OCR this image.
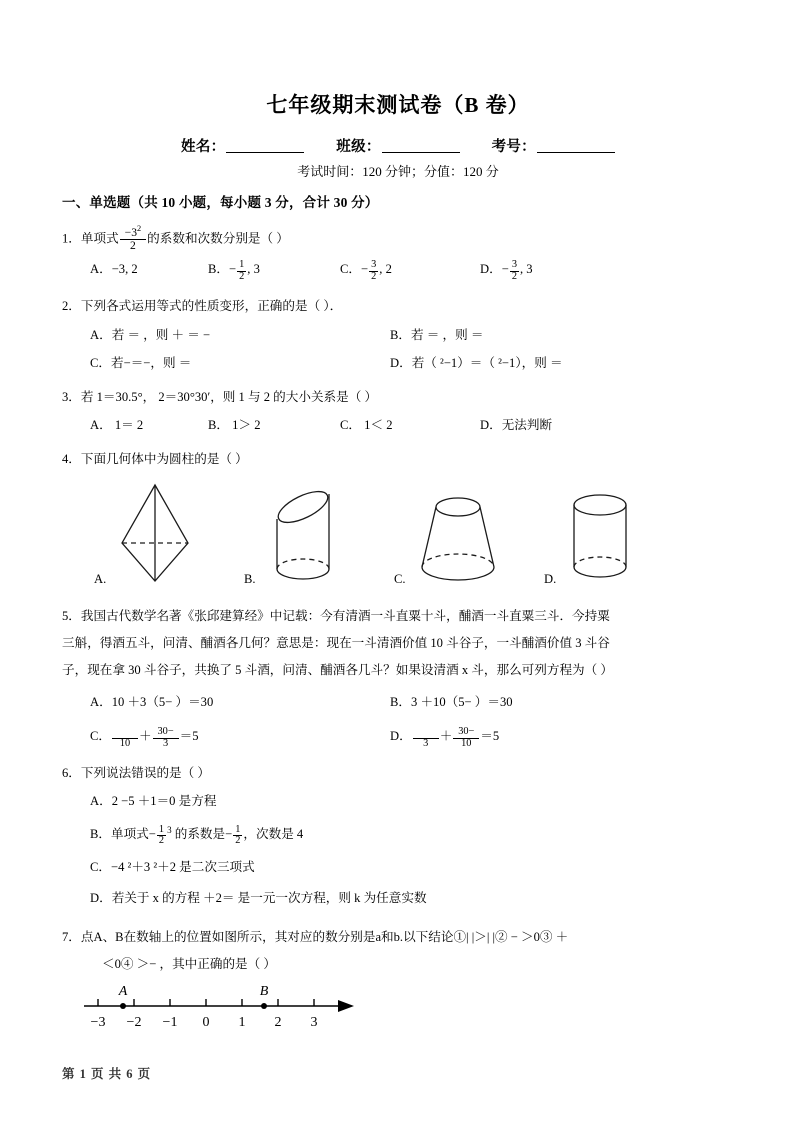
七年级期末测试卷（B 卷）
姓名：	班级：	考号：
考试时间：120 分钟；分值：120 分
一、单选题（共 10 小题，每小题 3 分，合计 30 分）
1．单项式 $\frac{-3^2}{2}$ 的系数和次数分别是（ ）
A．−3, 2	B．− $\frac{1}{2}$ , 3	C．− $\frac{3}{2}$ , 2	D．− $\frac{3}{2}$ , 3
2．下列各式运用等式的性质变形，正确的是（ ）．
A．若 ＝ ，则 ＋ ＝ −	B．若 ＝ ，则 ＝
C．若−＝−，则 ＝	D．若（ ²−1）＝（ ²−1），则 ＝
3．若 1＝30.5°， 2＝30°30′，则 1 与 2 的大小关系是（ ）
A． 1＝ 2	B． 1＞ 2	C． 1＜ 2	D．无法判断
4．下面几何体中为圆柱的是（ ）
A.	B.	C.	D.
5．我国古代数学名著《张邱建算经》中记载：今有清酒一斗直粟十斗，酺酒一斗直粟三斗．今持粟
三斛，得酒五斗，问清、酺酒各几何？意思是：现在一斗清酒价值 10 斗谷子，一斗酺酒价值 3 斗谷
子，现在拿 30 斗谷子，共换了 5 斗酒，问清、酺酒各几斗？如果设清酒 x 斗，那么可列方程为（ ）
A．10 ＋3（5− ）＝30	B．3 ＋10（5− ）＝30
C．

10
＋ $\frac{30-}{3} =5$	D．

3
＋ $\frac{30-}{10} =5$
6．下列说法错误的是（ ）
A．2 −5 ＋1＝0 是方程
B．单项式− $\frac{1}{2} ^3$ 的系数是− $\frac{1}{2}$ ，次数是 4
C．−4 ²＋3 ²＋2 是二次三项式
D．若关于 x 的方程 ＋2＝ 是一元一次方程，则 k 为任意实数
7．点A、B在数轴上的位置如图所示，其对应的数分别是a和b.以下结论①| |＞| |② − ＞0③ ＋
＜0④ ＞− ，其中正确的是（ ）
−3 −2 −1 0 1 2 3
A	B
第 1 页 共 6 页
